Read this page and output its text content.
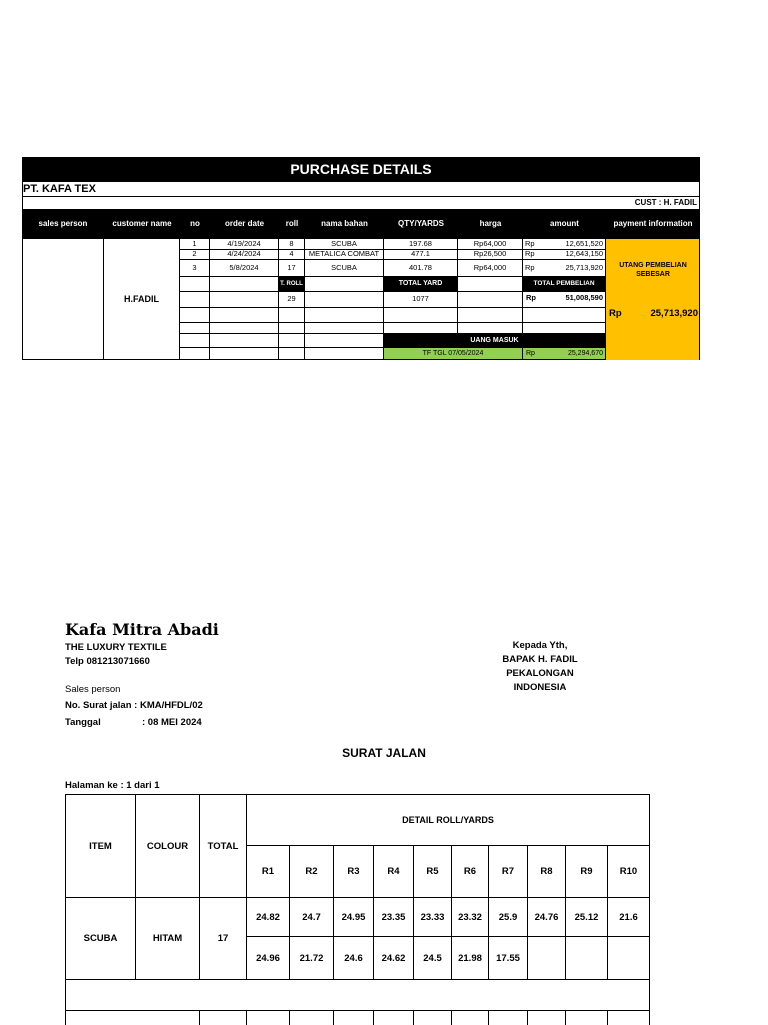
PURCHASE DETAILS
PT. KAFA TEX
CUST : H. FADIL
sales person	customer name	no	order date	roll	nama bahan	QTY/YARDS	harga	amount	payment information
H.FADIL
1	4/19/2024	8	SCUBA	197.68	Rp64,000	Rp	12,651,520
2	4/24/2024	4	METALICA COMBAT	477.1	Rp26,500	Rp	12,643,150
3	5/8/2024	17	SCUBA	401.78	Rp64,000	Rp	25,713,920
T. ROLL	TOTAL YARD	TOTAL PEMBELIAN
29	1077	Rp	51,008,590
UANG MASUK
TF TGL 07/05/2024	Rp	25,294,670
UTANG PEMBELIAN SEBESAR
Rp	25,713,920
Kafa Mitra Abadi
THE LUXURY TEXTILE
Telp 081213071660
Sales person
No. Surat jalan : KMA/HFDL/02
Tanggal	: 08 MEI 2024
Kepada Yth,
BAPAK H. FADIL
PEKALONGAN
INDONESIA
SURAT JALAN
Halaman ke : 1 dari 1
ITEM	COLOUR	TOTAL
DETAIL ROLL/YARDS
R1	R2	R3	R4	R5	R6	R7	R8	R9	R10
SCUBA	HITAM	17
24.82	24.7	24.95	23.35	23.33	23.32	25.9	24.76	25.12	21.6
24.96	21.72	24.6	24.62	24.5	21.98	17.55
